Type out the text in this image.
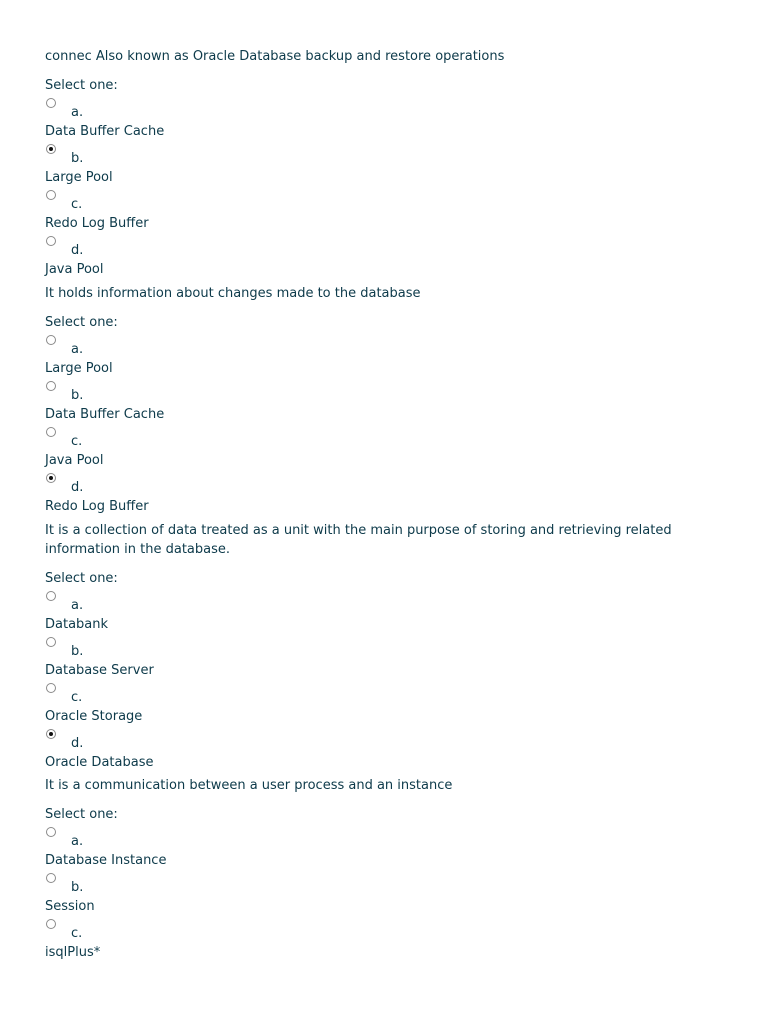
connec Also known as Oracle Database backup and restore operations

Select one:
a.
Data Buffer Cache
b.
Large Pool
c.
Redo Log Buffer
d.
Java Pool

It holds information about changes made to the database

Select one:
a.
Large Pool
b.
Data Buffer Cache
c.
Java Pool
d.
Redo Log Buffer

It is a collection of data treated as a unit with the main purpose of storing and retrieving related information in the database.

Select one:
a.
Databank
b.
Database Server
c.
Oracle Storage
d.
Oracle Database

It is a communication between a user process and an instance

Select one:
a.
Database Instance
b.
Session
c.
isqlPlus*
